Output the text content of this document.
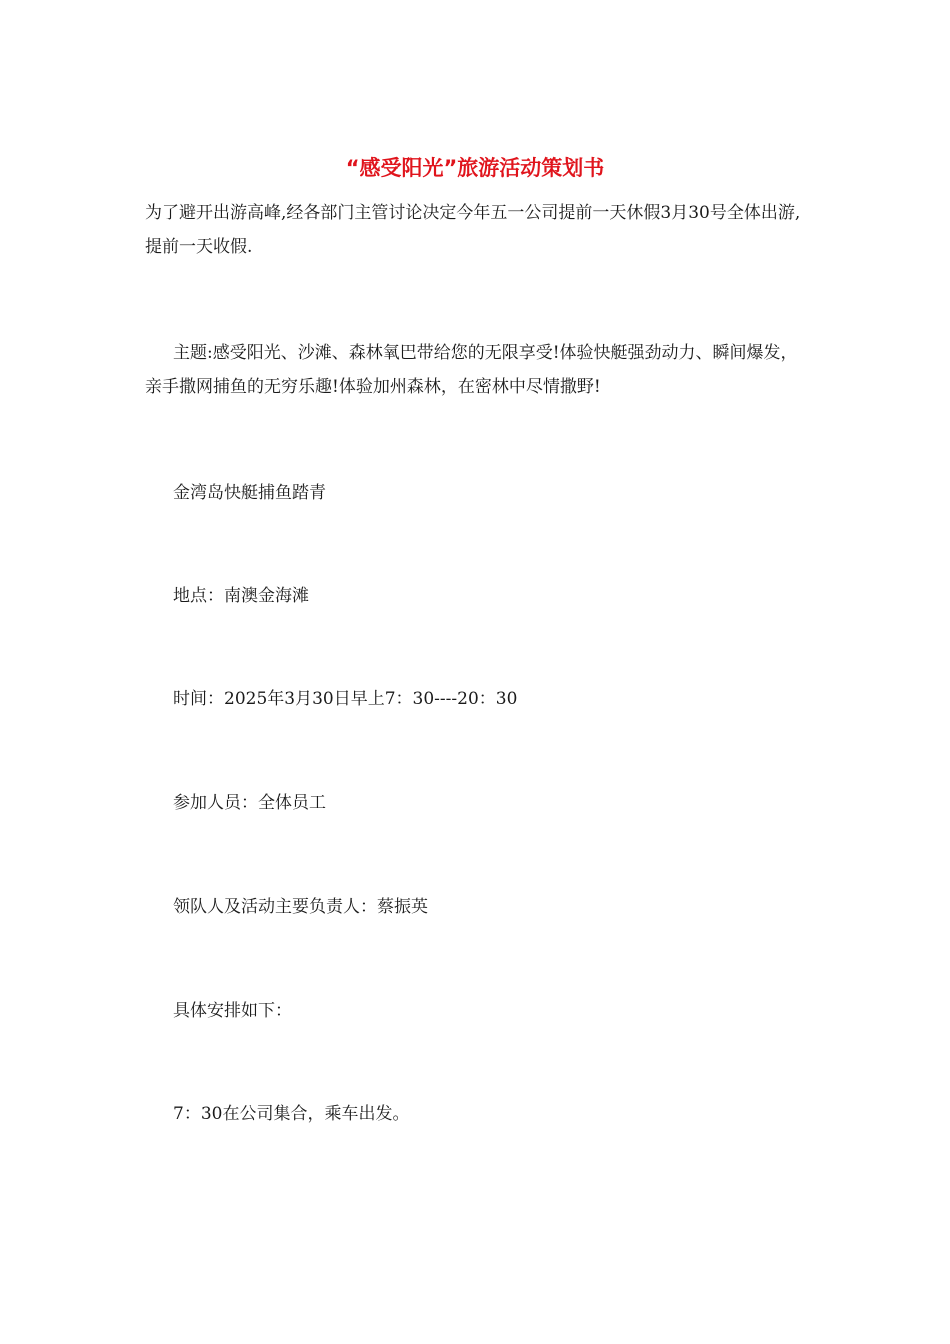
“感受阳光”旅游活动策划书
为了避开出游高峰,经各部门主管讨论决定今年五一公司提前一天休假3月30号全体出游,提前一天收假.
主题:感受阳光、沙滩、森林氧巴带给您的无限享受!体验快艇强劲动力、瞬间爆发，亲手撒网捕鱼的无穷乐趣!体验加州森林，在密林中尽情撒野!
金湾岛快艇捕鱼踏青
地点：南澳金海滩
时间：2025年3月30日早上7：30----20：30
参加人员：全体员工
领队人及活动主要负责人：蔡振英
具体安排如下：
7：30在公司集合，乘车出发。
